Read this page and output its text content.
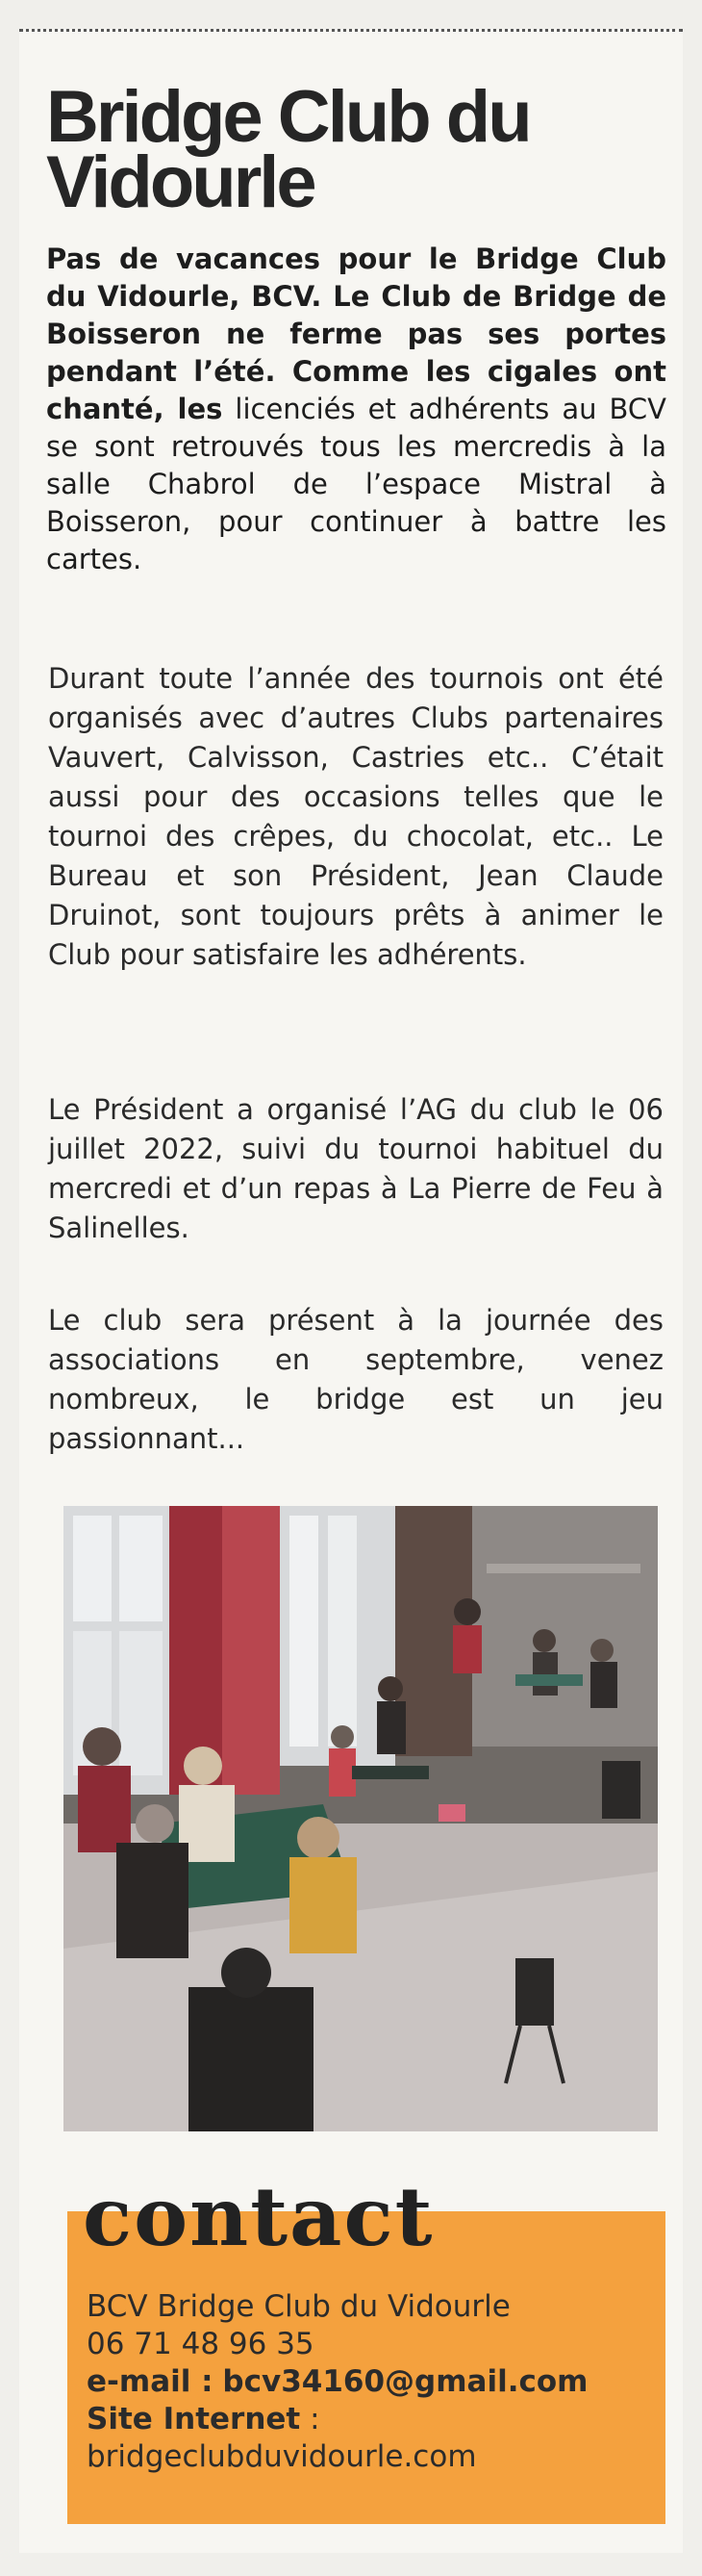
Bridge Club du Vidourle

Pas de vacances pour le Bridge Club du Vidourle, BCV. Le Club de Bridge de Boisseron ne ferme pas ses portes pendant l’été. Comme les cigales ont chanté, les licenciés et adhérents au BCV se sont retrouvés tous les mercredis à la salle Chabrol de l’espace Mistral à Boisseron, pour continuer à battre les cartes.

Durant toute l’année des tournois ont été organisés avec d’autres Clubs partenaires Vauvert, Calvisson, Castries etc.. C’était aussi pour des occasions telles que le tournoi des crêpes, du chocolat, etc.. Le Bureau et son Président, Jean Claude Druinot, sont toujours prêts à animer le Club pour satisfaire les adhérents.

Le Président a organisé l’AG du club le 06 juillet 2022, suivi du tournoi habituel du mercredi et d’un repas à La Pierre de Feu à Salinelles.

Le club sera présent à la journée des associations en septembre, venez nombreux, le bridge est un jeu passionnant...

contact
BCV Bridge Club du Vidourle
06 71 48 96 35
e-mail : bcv34160@gmail.com
Site Internet :
bridgeclubduvidourle.com
